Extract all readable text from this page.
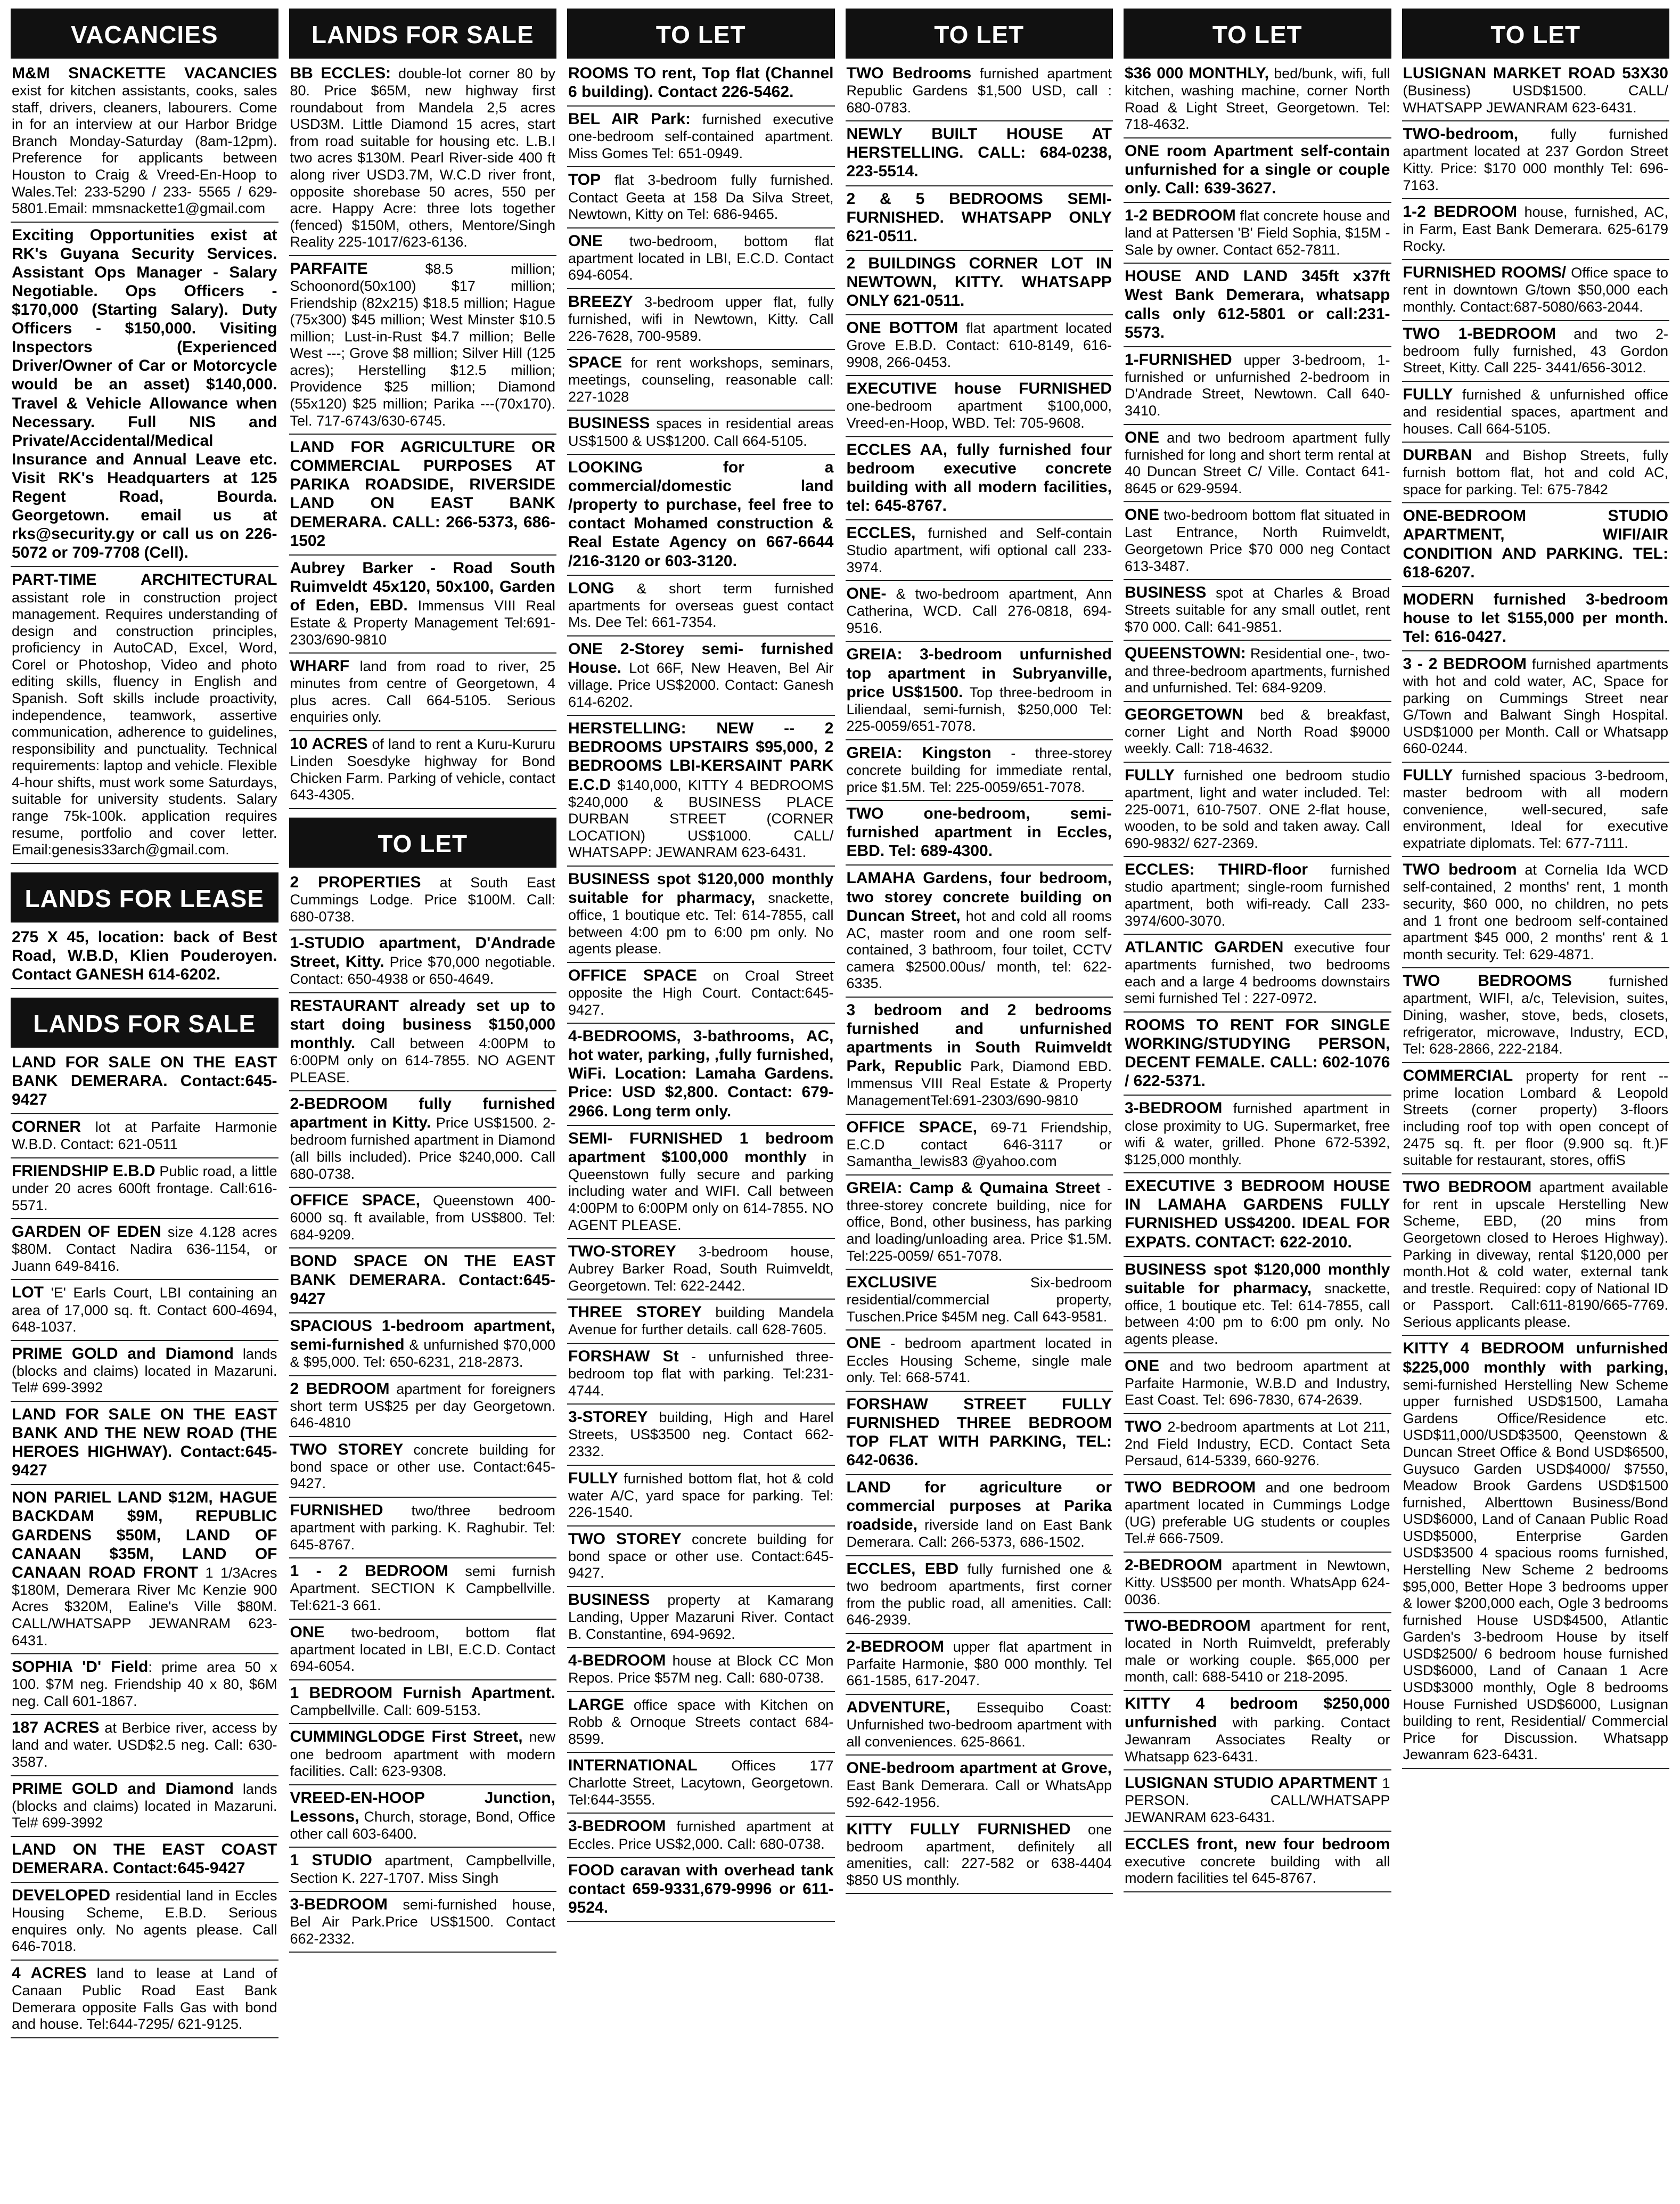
VACANCIES
M&M SNACKETTE VACANCIES exist for kitchen assistants, cooks, sales staff, drivers, cleaners, labourers. Come in for an interview at our Harbor Bridge Branch Monday-Saturday (8am-12pm). Preference for applicants between Houston to Craig & Vreed-En-Hoop to Wales.Tel: 233-5290 / 233- 5565 / 629-5801.Email: mmsnackette1@gmail.com
Exciting Opportunities exist at RK's Guyana Security Services. Assistant Ops Manager - Salary Negotiable. Ops Officers - $170,000 (Starting Salary). Duty Officers - $150,000. Visiting Inspectors (Experienced Driver/Owner of Car or Motorcycle would be an asset) $140,000. Travel & Vehicle Allowance when Necessary. Full NIS and Private/Accidental/Medical Insurance and Annual Leave etc. Visit RK's Headquarters at 125 Regent Road, Bourda. Georgetown. email us at rks@security.gy or call us on 226-5072 or 709-7708 (Cell).
PART-TIME ARCHITECTURAL assistant role in construction project management. Requires understanding of design and construction principles, proficiency in AutoCAD, Excel, Word, Corel or Photoshop, Video and photo editing skills, fluency in English and Spanish. Soft skills include proactivity, independence, teamwork, assertive communication, adherence to guidelines, responsibility and punctuality. Technical requirements: laptop and vehicle. Flexible 4-hour shifts, must work some Saturdays, suitable for university students. Salary range 75k-100k. application requires resume, portfolio and cover letter. Email:genesis33arch@gmail.com.
LANDS FOR LEASE
275 X 45, location: back of Best Road, W.B.D, Klien Pouderoyen. Contact GANESH 614-6202.
LANDS FOR SALE
LAND FOR SALE ON THE EAST BANK DEMERARA. Contact:645-9427
CORNER lot at Parfaite Harmonie W.B.D. Contact: 621-0511
FRIENDSHIP E.B.D Public road, a little under 20 acres 600ft frontage. Call:616-5571.
GARDEN OF EDEN size 4.128 acres $80M. Contact Nadira 636-1154, or Juann 649-8416.
LOT 'E' Earls Court, LBI containing an area of 17,000 sq. ft. Contact 600-4694, 648-1037.
PRIME GOLD and Diamond lands (blocks and claims) located in Mazaruni. Tel# 699-3992
LAND FOR SALE ON THE EAST BANK AND THE NEW ROAD (THE HEROES HIGHWAY). Contact:645-9427
NON PARIEL LAND $12M, HAGUE BACKDAM $9M, REPUBLIC GARDENS $50M, LAND OF CANAAN $35M, LAND OF CANAAN ROAD FRONT 1 1/3Acres $180M, Demerara River Mc Kenzie 900 Acres $320M, Ealine's Ville $80M. CALL/WHATSAPP JEWANRAM 623-6431.
SOPHIA 'D' Field: prime area 50 x 100. $7M neg. Friendship 40 x 80, $6M neg. Call 601-1867.
187 ACRES at Berbice river, access by land and water. USD$2.5 neg. Call: 630-3587.
PRIME GOLD and Diamond lands (blocks and claims) located in Mazaruni. Tel# 699-3992
LAND ON THE EAST COAST DEMERARA. Contact:645-9427
DEVELOPED residential land in Eccles Housing Scheme, E.B.D. Serious enquires only. No agents please. Call 646-7018.
4 ACRES land to lease at Land of Canaan Public Road East Bank Demerara opposite Falls Gas with bond and house. Tel:644-7295/ 621-9125.
LANDS FOR SALE
BB ECCLES: double-lot corner 80 by 80. Price $65M, new highway first roundabout from Mandela 2,5 acres USD3M. Little Diamond 15 acres, start from road suitable for housing etc. L.B.I two acres $130M. Pearl River-side 400 ft along river USD3.7M, W.C.D river front, opposite shorebase 50 acres, 550 per acre. Happy Acre: three lots together (fenced) $150M, others, Mentore/Singh Reality 225-1017/623-6136.
PARFAITE $8.5 million; Schoonord(50x100) $17 million; Friendship (82x215) $18.5 million; Hague (75x300) $45 million; West Minster $10.5 million; Lust-in-Rust $4.7 million; Belle West ---; Grove $8 million; Silver Hill (125 acres); Herstelling $12.5 million; Providence $25 million; Diamond (55x120) $25 million; Parika ---(70x170). Tel. 717-6743/630-6745.
LAND FOR AGRICULTURE OR COMMERCIAL PURPOSES AT PARIKA ROADSIDE, RIVERSIDE LAND ON EAST BANK DEMERARA. CALL: 266-5373, 686-1502
Aubrey Barker - Road South Ruimveldt 45x120, 50x100, Garden of Eden, EBD. Immensus VIII Real Estate & Property Management Tel:691-2303/690-9810
WHARF land from road to river, 25 minutes from centre of Georgetown, 4 plus acres. Call 664-5105. Serious enquiries only.
10 ACRES of land to rent a Kuru-Kururu Linden Soesdyke highway for Bond Chicken Farm. Parking of vehicle, contact 643-4305.
TO LET
2 PROPERTIES at South East Cummings Lodge. Price $100M. Call: 680-0738.
1-STUDIO apartment, D'Andrade Street, Kitty. Price $70,000 negotiable. Contact: 650-4938 or 650-4649.
RESTAURANT already set up to start doing business $150,000 monthly. Call between 4:00PM to 6:00PM only on 614-7855. NO AGENT PLEASE.
2-BEDROOM fully furnished apartment in Kitty. Price US$1500. 2-bedroom furnished apartment in Diamond (all bills included). Price $240,000. Call 680-0738.
OFFICE SPACE, Queenstown 400-6000 sq. ft available, from US$800. Tel: 684-9209.
BOND SPACE ON THE EAST BANK DEMERARA. Contact:645-9427
SPACIOUS 1-bedroom apartment, semi-furnished & unfurnished $70,000 & $95,000. Tel: 650-6231, 218-2873.
2 BEDROOM apartment for foreigners short term US$25 per day Georgetown. 646-4810
TWO STOREY concrete building for bond space or other use. Contact:645-9427.
FURNISHED two/three bedroom apartment with parking. K. Raghubir. Tel: 645-8767.
1 - 2 BEDROOM semi furnish Apartment. SECTION K Campbellville. Tel:621-3 661.
ONE two-bedroom, bottom flat apartment located in LBI, E.C.D. Contact 694-6054.
1 BEDROOM Furnish Apartment. Campbellville. Call: 609-5153.
CUMMINGLODGE First Street, new one bedroom apartment with modern facilities. Call: 623-9308.
VREED-EN-HOOP Junction, Lessons, Church, storage, Bond, Office other call 603-6400.
1 STUDIO apartment, Campbellville, Section K. 227-1707. Miss Singh
3-BEDROOM semi-furnished house, Bel Air Park.Price US$1500. Contact 662-2332.
TO LET
ROOMS TO rent, Top flat (Channel 6 building). Contact 226-5462.
BEL AIR Park: furnished executive one-bedroom self-contained apartment. Miss Gomes Tel: 651-0949.
TOP flat 3-bedroom fully furnished. Contact Geeta at 158 Da Silva Street, Newtown, Kitty on Tel: 686-9465.
ONE two-bedroom, bottom flat apartment located in LBI, E.C.D. Contact 694-6054.
BREEZY 3-bedroom upper flat, fully furnished, wifi in Newtown, Kitty. Call 226-7628, 700-9589.
SPACE for rent workshops, seminars, meetings, counseling, reasonable call: 227-1028
BUSINESS spaces in residential areas US$1500 & US$1200. Call 664-5105.
LOOKING for a commercial/domestic land /property to purchase, feel free to contact Mohamed construction & Real Estate Agency on 667-6644 /216-3120 or 603-3120.
LONG & short term furnished apartments for overseas guest contact Ms. Dee Tel: 661-7354.
ONE 2-Storey semi- furnished House. Lot 66F, New Heaven, Bel Air village. Price US$2000. Contact: Ganesh 614-6202.
HERSTELLING: NEW -- 2 BEDROOMS UPSTAIRS $95,000, 2 BEDROOMS LBI-KERSAINT PARK E.C.D $140,000, KITTY 4 BEDROOMS $240,000 & BUSINESS PLACE DURBAN STREET (CORNER LOCATION) US$1000. CALL/ WHATSAPP: JEWANRAM 623-6431.
BUSINESS spot $120,000 monthly suitable for pharmacy, snackette, office, 1 boutique etc. Tel: 614-7855, call between 4:00 pm to 6:00 pm only. No agents please.
OFFICE SPACE on Croal Street opposite the High Court. Contact:645-9427.
4-BEDROOMS, 3-bathrooms, AC, hot water, parking, ,fully furnished, WiFi. Location: Lamaha Gardens. Price: USD $2,800. Contact: 679-2966. Long term only.
SEMI- FURNISHED 1 bedroom apartment $100,000 monthly in Queenstown fully secure and parking including water and WIFI. Call between 4:00PM to 6:00PM only on 614-7855. NO AGENT PLEASE.
TWO-STOREY 3-bedroom house, Aubrey Barker Road, South Ruimveldt, Georgetown. Tel: 622-2442.
THREE STOREY building Mandela Avenue for further details. call 628-7605.
FORSHAW St - unfurnished three-bedroom top flat with parking. Tel:231-4744.
3-STOREY building, High and Harel Streets, US$3500 neg. Contact 662-2332.
FULLY furnished bottom flat, hot & cold water A/C, yard space for parking. Tel: 226-1540.
TWO STOREY concrete building for bond space or other use. Contact:645-9427.
BUSINESS property at Kamarang Landing, Upper Mazaruni River. Contact B. Constantine, 694-9692.
4-BEDROOM house at Block CC Mon Repos. Price $57M neg. Call: 680-0738.
LARGE office space with Kitchen on Robb & Ornoque Streets contact 684-8599.
INTERNATIONAL Offices 177 Charlotte Street, Lacytown, Georgetown. Tel:644-3555.
3-BEDROOM furnished apartment at Eccles. Price US$2,000. Call: 680-0738.
FOOD caravan with overhead tank contact 659-9331,679-9996 or 611-9524.
TO LET
TWO Bedrooms furnished apartment Republic Gardens $1,500 USD, call : 680-0783.
NEWLY BUILT HOUSE AT HERSTELLING. CALL: 684-0238, 223-5514.
2 & 5 BEDROOMS SEMI-FURNISHED. WHATSAPP ONLY 621-0511.
2 BUILDINGS CORNER LOT IN NEWTOWN, KITTY. WHATSAPP ONLY 621-0511.
ONE BOTTOM flat apartment located Grove E.B.D. Contact: 610-8149, 616-9908, 266-0453.
EXECUTIVE house FURNISHED one-bedroom apartment $100,000, Vreed-en-Hoop, WBD. Tel: 705-9608.
ECCLES AA, fully furnished four bedroom executive concrete building with all modern facilities, tel: 645-8767.
ECCLES, furnished and Self-contain Studio apartment, wifi optional call 233-3974.
ONE- & two-bedroom apartment, Ann Catherina, WCD. Call 276-0818, 694-9516.
GREIA: 3-bedroom unfurnished top apartment in Subryanville, price US$1500. Top three-bedroom in Liliendaal, semi-furnish, $250,000 Tel: 225-0059/651-7078.
GREIA: Kingston - three-storey concrete building for immediate rental, price $1.5M. Tel: 225-0059/651-7078.
TWO one-bedroom, semi-furnished apartment in Eccles, EBD. Tel: 689-4300.
LAMAHA Gardens, four bedroom, two storey concrete building on Duncan Street, hot and cold all rooms AC, master room and one room self-contained, 3 bathroom, four toilet, CCTV camera $2500.00us/ month, tel: 622-6335.
3 bedroom and 2 bedrooms furnished and unfurnished apartments in South Ruimveldt Park, Republic Park, Diamond EBD. Immensus VIII Real Estate & Property ManagementTel:691-2303/690-9810
OFFICE SPACE, 69-71 Friendship, E.C.D contact 646-3117 or Samantha_lewis83 @yahoo.com
GREIA: Camp & Qumaina Street - three-storey concrete building, nice for office, Bond, other business, has parking and loading/unloading area. Price $1.5M. Tel:225-0059/ 651-7078.
EXCLUSIVE Six-bedroom residential/commercial property, Tuschen.Price $45M neg. Call 643-9581.
ONE - bedroom apartment located in Eccles Housing Scheme, single male only. Tel: 668-5741.
FORSHAW STREET FULLY FURNISHED THREE BEDROOM TOP FLAT WITH PARKING, TEL: 642-0636.
LAND for agriculture or commercial purposes at Parika roadside, riverside land on East Bank Demerara. Call: 266-5373, 686-1502.
ECCLES, EBD fully furnished one & two bedroom apartments, first corner from the public road, all amenities. Call: 646-2939.
2-BEDROOM upper flat apartment in Parfaite Harmonie, $80 000 monthly. Tel 661-1585, 617-2047.
ADVENTURE, Essequibo Coast: Unfurnished two-bedroom apartment with all conveniences. 625-8661.
ONE-bedroom apartment at Grove, East Bank Demerara. Call or WhatsApp 592-642-1956.
KITTY FULLY FURNISHED one bedroom apartment, definitely all amenities, call: 227-582 or 638-4404 $850 US monthly.
TO LET
$36 000 MONTHLY, bed/bunk, wifi, full kitchen, washing machine, corner North Road & Light Street, Georgetown. Tel: 718-4632.
ONE room Apartment self-contain unfurnished for a single or couple only. Call: 639-3627.
1-2 BEDROOM flat concrete house and land at Pattersen 'B' Field Sophia, $15M - Sale by owner. Contact 652-7811.
HOUSE AND LAND 345ft x37ft West Bank Demerara, whatsapp calls only 612-5801 or call:231-5573.
1-FURNISHED upper 3-bedroom, 1-furnished or unfurnished 2-bedroom in D'Andrade Street, Newtown. Call 640-3410.
ONE and two bedroom apartment fully furnished for long and short term rental at 40 Duncan Street C/ Ville. Contact 641-8645 or 629-9594.
ONE two-bedroom bottom flat situated in Last Entrance, North Ruimveldt, Georgetown Price $70 000 neg Contact 613-3487.
BUSINESS spot at Charles & Broad Streets suitable for any small outlet, rent $70 000. Call: 641-9851.
QUEENSTOWN: Residential one-, two- and three-bedroom apartments, furnished and unfurnished. Tel: 684-9209.
GEORGETOWN bed & breakfast, corner Light and North Road $9000 weekly. Call: 718-4632.
FULLY furnished one bedroom studio apartment, light and water included. Tel: 225-0071, 610-7507. ONE 2-flat house, wooden, to be sold and taken away. Call 690-9832/ 627-2369.
ECCLES: THIRD-floor furnished studio apartment; single-room furnished apartment, both wifi-ready. Call 233-3974/600-3070.
ATLANTIC GARDEN executive four apartments furnished, two bedrooms each and a large 4 bedrooms downstairs semi furnished Tel : 227-0972.
ROOMS TO RENT FOR SINGLE WORKING/STUDYING PERSON, DECENT FEMALE. CALL: 602-1076 / 622-5371.
3-BEDROOM furnished apartment in close proximity to UG. Supermarket, free wifi & water, grilled. Phone 672-5392, $125,000 monthly.
EXECUTIVE 3 BEDROOM HOUSE IN LAMAHA GARDENS FULLY FURNISHED US$4200. IDEAL FOR EXPATS. CONTACT: 622-2010.
BUSINESS spot $120,000 monthly suitable for pharmacy, snackette, office, 1 boutique etc. Tel: 614-7855, call between 4:00 pm to 6:00 pm only. No agents please.
ONE and two bedroom apartment at Parfaite Harmonie, W.B.D and Industry, East Coast. Tel: 696-7830, 674-2639.
TWO 2-bedroom apartments at Lot 211, 2nd Field Industry, ECD. Contact Seta Persaud, 614-5339, 660-9276.
TWO BEDROOM and one bedroom apartment located in Cummings Lodge (UG) preferable UG students or couples Tel.# 666-7509.
2-BEDROOM apartment in Newtown, Kitty. US$500 per month. WhatsApp 624-0036.
TWO-BEDROOM apartment for rent, located in North Ruimveldt, preferably male or working couple. $65,000 per month, call: 688-5410 or 218-2095.
KITTY 4 bedroom $250,000 unfurnished with parking. Contact Jewanram Associates Realty or Whatsapp 623-6431.
LUSIGNAN STUDIO APARTMENT 1 PERSON. CALL/WHATSAPP JEWANRAM 623-6431.
ECCLES front, new four bedroom executive concrete building with all modern facilities tel 645-8767.
TO LET
LUSIGNAN MARKET ROAD 53X30 (Business) USD$1500. CALL/ WHATSAPP JEWANRAM 623-6431.
TWO-bedroom, fully furnished apartment located at 237 Gordon Street Kitty. Price: $170 000 monthly Tel: 696-7163.
1-2 BEDROOM house, furnished, AC, in Farm, East Bank Demerara. 625-6179 Rocky.
FURNISHED ROOMS/ Office space to rent in downtown G/town $50,000 each monthly. Contact:687-5080/663-2044.
TWO 1-BEDROOM and two 2-bedroom fully furnished, 43 Gordon Street, Kitty. Call 225- 3441/656-3012.
FULLY furnished & unfurnished office and residential spaces, apartment and houses. Call 664-5105.
DURBAN and Bishop Streets, fully furnish bottom flat, hot and cold AC, space for parking. Tel: 675-7842
ONE-BEDROOM STUDIO APARTMENT, WIFI/AIR CONDITION AND PARKING. TEL: 618-6207.
MODERN furnished 3-bedroom house to let $155,000 per month. Tel: 616-0427.
3 - 2 BEDROOM furnished apartments with hot and cold water, AC, Space for parking on Cummings Street near G/Town and Balwant Singh Hospital. USD$1000 per Month. Call or Whatsapp 660-0244.
FULLY furnished spacious 3-bedroom, master bedroom with all modern convenience, well-secured, safe environment, Ideal for executive expatriate diplomats. Tel: 677-7111.
TWO bedroom at Cornelia Ida WCD self-contained, 2 months' rent, 1 month security, $60 000, no children, no pets and 1 front one bedroom self-contained apartment $45 000, 2 months' rent & 1 month security. Tel: 629-4871.
TWO BEDROOMS furnished apartment, WIFI, a/c, Television, suites, Dining, washer, stove, beds, closets, refrigerator, microwave, Industry, ECD, Tel: 628-2866, 222-2184.
COMMERCIAL property for rent -- prime location Lombard & Leopold Streets (corner property) 3-floors including roof top with open concept of 2475 sq. ft. per floor (9.900 sq. ft.)F suitable for restaurant, stores, offiS
TWO BEDROOM apartment available for rent in upscale Herstelling New Scheme, EBD, (20 mins from Georgetown closed to Heroes Highway). Parking in diveway, rental $120,000 per month.Hot & cold water, external tank and trestle. Required: copy of National ID or Passport. Call:611-8190/665-7769. Serious applicants please.
KITTY 4 BEDROOM unfurnished $225,000 monthly with parking, semi-furnished Herstelling New Scheme upper furnished USD$1500, Lamaha Gardens Office/Residence etc. USD$11,000/USD$3500, Qeenstown & Duncan Street Office & Bond USD$6500, Guysuco Garden USD$4000/ $7550, Meadow Brook Gardens USD$1500 furnished, Alberttown Business/Bond USD$6000, Land of Canaan Public Road USD$5000, Enterprise Garden USD$3500 4 spacious rooms furnished, Herstelling New Scheme 2 bedrooms $95,000, Better Hope 3 bedrooms upper & lower $200,000 each, Ogle 3 bedrooms furnished House USD$4500, Atlantic Garden's 3-bedroom House by itself USD$2500/ 6 bedroom house furnished USD$6000, Land of Canaan 1 Acre USD$3000 monthly, Ogle 8 bedrooms House Furnished USD$6000, Lusignan building to rent, Residential/ Commercial Price for Discussion. Whatsapp Jewanram 623-6431.
